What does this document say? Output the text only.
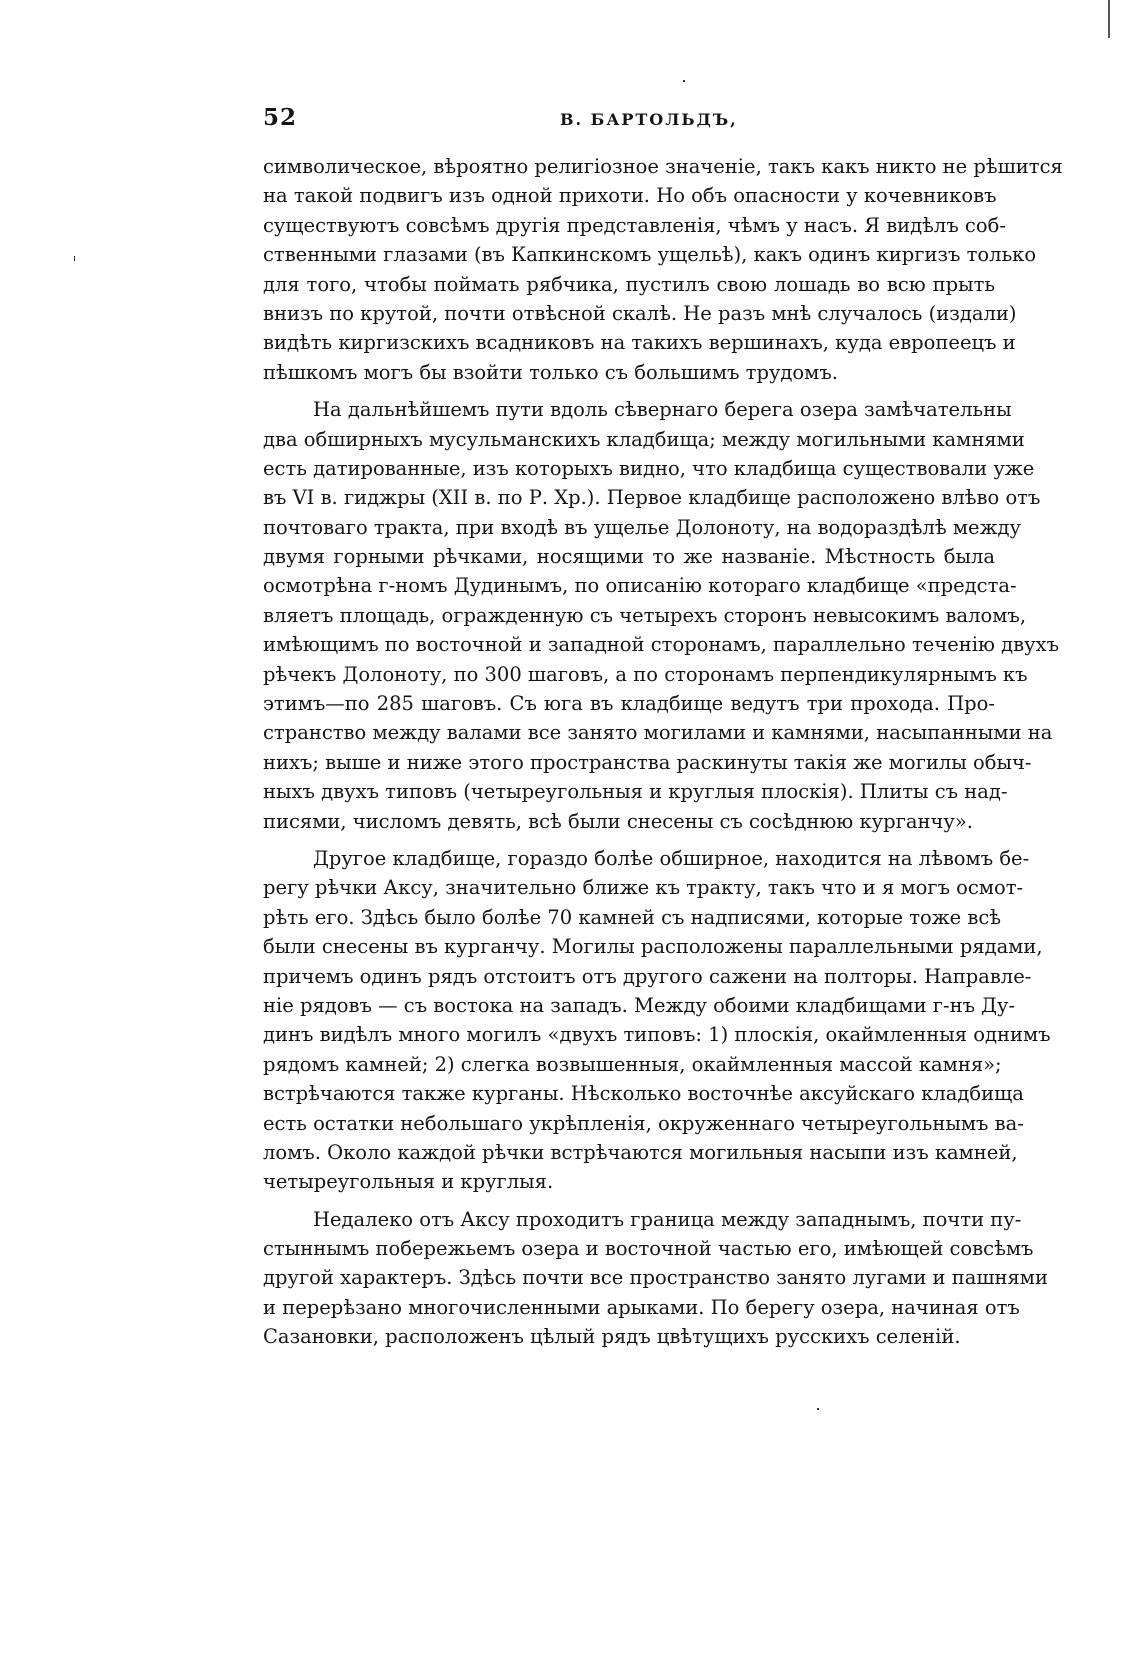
52	В. БАРТОЛЬДЪ,
символическое, вѣроятно религіозное значеніе, такъ какъ никто не рѣшится
на такой подвигъ изъ одной прихоти. Но объ опасности у кочевниковъ
существуютъ совсѣмъ другія представленія, чѣмъ у насъ. Я видѣлъ соб-
ственными глазами (въ Капкинскомъ ущельѣ), какъ одинъ киргизъ только
для того, чтобы поймать рябчика, пустилъ свою лошадь во всю прыть
внизъ по крутой, почти отвѣсной скалѣ. Не разъ мнѣ случалось (издали)
видѣть киргизскихъ всадниковъ на такихъ вершинахъ, куда европеецъ и
пѣшкомъ могъ бы взойти только съ большимъ трудомъ.
На дальнѣйшемъ пути вдоль сѣвернаго берега озера замѣчательны
два обширныхъ мусульманскихъ кладбища; между могильными камнями
есть датированные, изъ которыхъ видно, что кладбища существовали уже
въ VI в. гиджры (XII в. по Р. Хр.). Первое кладбище расположено влѣво отъ
почтоваго тракта, при входѣ въ ущелье Долоноту, на водораздѣлѣ между
двумя горными рѣчками, носящими то же названіе. Мѣстность была
осмотрѣна г-номъ Дудинымъ, по описанію котораго кладбище «предста-
вляетъ площадь, огражденную съ четырехъ сторонъ невысокимъ валомъ,
имѣющимъ по восточной и западной сторонамъ, параллельно теченію двухъ
рѣчекъ Долоноту, по 300 шаговъ, а по сторонамъ перпендикулярнымъ къ
этимъ—по 285 шаговъ. Съ юга въ кладбище ведутъ три прохода. Про-
странство между валами все занято могилами и камнями, насыпанными на
нихъ; выше и ниже этого пространства раскинуты такія же могилы обыч-
ныхъ двухъ типовъ (четыреугольныя и круглыя плоскія). Плиты съ над-
писями, числомъ девять, всѣ были снесены съ сосѣднюю курганчу».
Другое кладбище, гораздо болѣе обширное, находится на лѣвомъ бе-
регу рѣчки Аксу, значительно ближе къ тракту, такъ что и я могъ осмот-
рѣть его. Здѣсь было болѣе 70 камней съ надписями, которые тоже всѣ
были снесены въ курганчу. Могилы расположены параллельными рядами,
причемъ одинъ рядъ отстоитъ отъ другого сажени на полторы. Направле-
ніе рядовъ — съ востока на западъ. Между обоими кладбищами г-нъ Ду-
динъ видѣлъ много могилъ «двухъ типовъ: 1) плоскія, окаймленныя однимъ
рядомъ камней; 2) слегка возвышенныя, окаймленныя массой камня»;
встрѣчаются также курганы. Нѣсколько восточнѣе аксуйскаго кладбища
есть остатки небольшаго укрѣпленія, окруженнаго четыреугольнымъ ва-
ломъ. Около каждой рѣчки встрѣчаются могильныя насыпи изъ камней,
четыреугольныя и круглыя.
Недалеко отъ Аксу проходитъ граница между западнымъ, почти пу-
стыннымъ побережьемъ озера и восточной частью его, имѣющей совсѣмъ
другой характеръ. Здѣсь почти все пространство занято лугами и пашнями
и перерѣзано многочисленными арыками. По берегу озера, начиная отъ
Сазановки, расположенъ цѣлый рядъ цвѣтущихъ русскихъ селеній.
